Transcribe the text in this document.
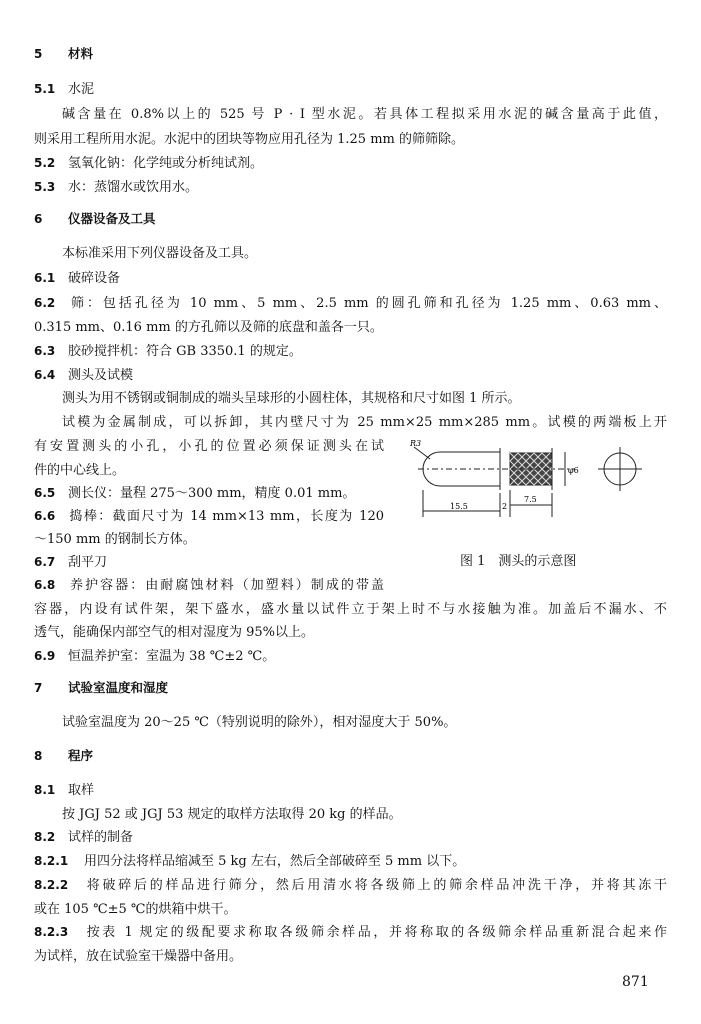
5 材料
5.1 水泥
碱含量在 0.8%以上的 525 号 P · I 型水泥。若具体工程拟采用水泥的碱含量高于此值，
则采用工程所用水泥。水泥中的团块等物应用孔径为 1.25 mm 的筛筛除。
5.2 氢氧化钠：化学纯或分析纯试剂。
5.3 水：蒸馏水或饮用水。
6 仪器设备及工具
本标准采用下列仪器设备及工具。
6.1 破碎设备
6.2 筛：包括孔径为 10 mm、5 mm、2.5 mm 的圆孔筛和孔径为 1.25 mm、0.63 mm、
0.315 mm、0.16 mm 的方孔筛以及筛的底盘和盖各一只。
6.3 胶砂搅拌机：符合 GB 3350.1 的规定。
6.4 测头及试模
测头为用不锈钢或铜制成的端头呈球形的小圆柱体，其规格和尺寸如图 1 所示。
试模为金属制成，可以拆卸，其内壁尺寸为 25 mm×25 mm×285 mm。试模的两端板上开
有安置测头的小孔，小孔的位置必须保证测头在试
件的中心线上。
6.5 测长仪：量程 275～300 mm，精度 0.01 mm。
6.6 捣棒：截面尺寸为 14 mm×13 mm，长度为 120
～150 mm 的钢制长方体。
6.7 刮平刀
6.8 养护容器：由耐腐蚀材料（加塑料）制成的带盖
容器，内设有试件架，架下盛水，盛水量以试件立于架上时不与水接触为准。加盖后不漏水、不
透气，能确保内部空气的相对湿度为 95%以上。
6.9 恒温养护室：室温为 38 ℃±2 ℃。
R3
15.5	2
7.5
φ6
图 1　测头的示意图
7 试验室温度和湿度
试验室温度为 20～25 ℃（特别说明的除外），相对湿度大于 50%。
8 程序
8.1 取样
按 JGJ 52 或 JGJ 53 规定的取样方法取得 20 kg 的样品。
8.2 试样的制备
8.2.1 用四分法将样品缩减至 5 kg 左右，然后全部破碎至 5 mm 以下。
8.2.2 将破碎后的样品进行筛分，然后用清水将各级筛上的筛余样品冲洗干净，并将其冻干
或在 105 ℃±5 ℃的烘箱中烘干。
8.2.3 按表 1 规定的级配要求称取各级筛余样品，并将称取的各级筛余样品重新混合起来作
为试样，放在试验室干燥器中备用。
871
